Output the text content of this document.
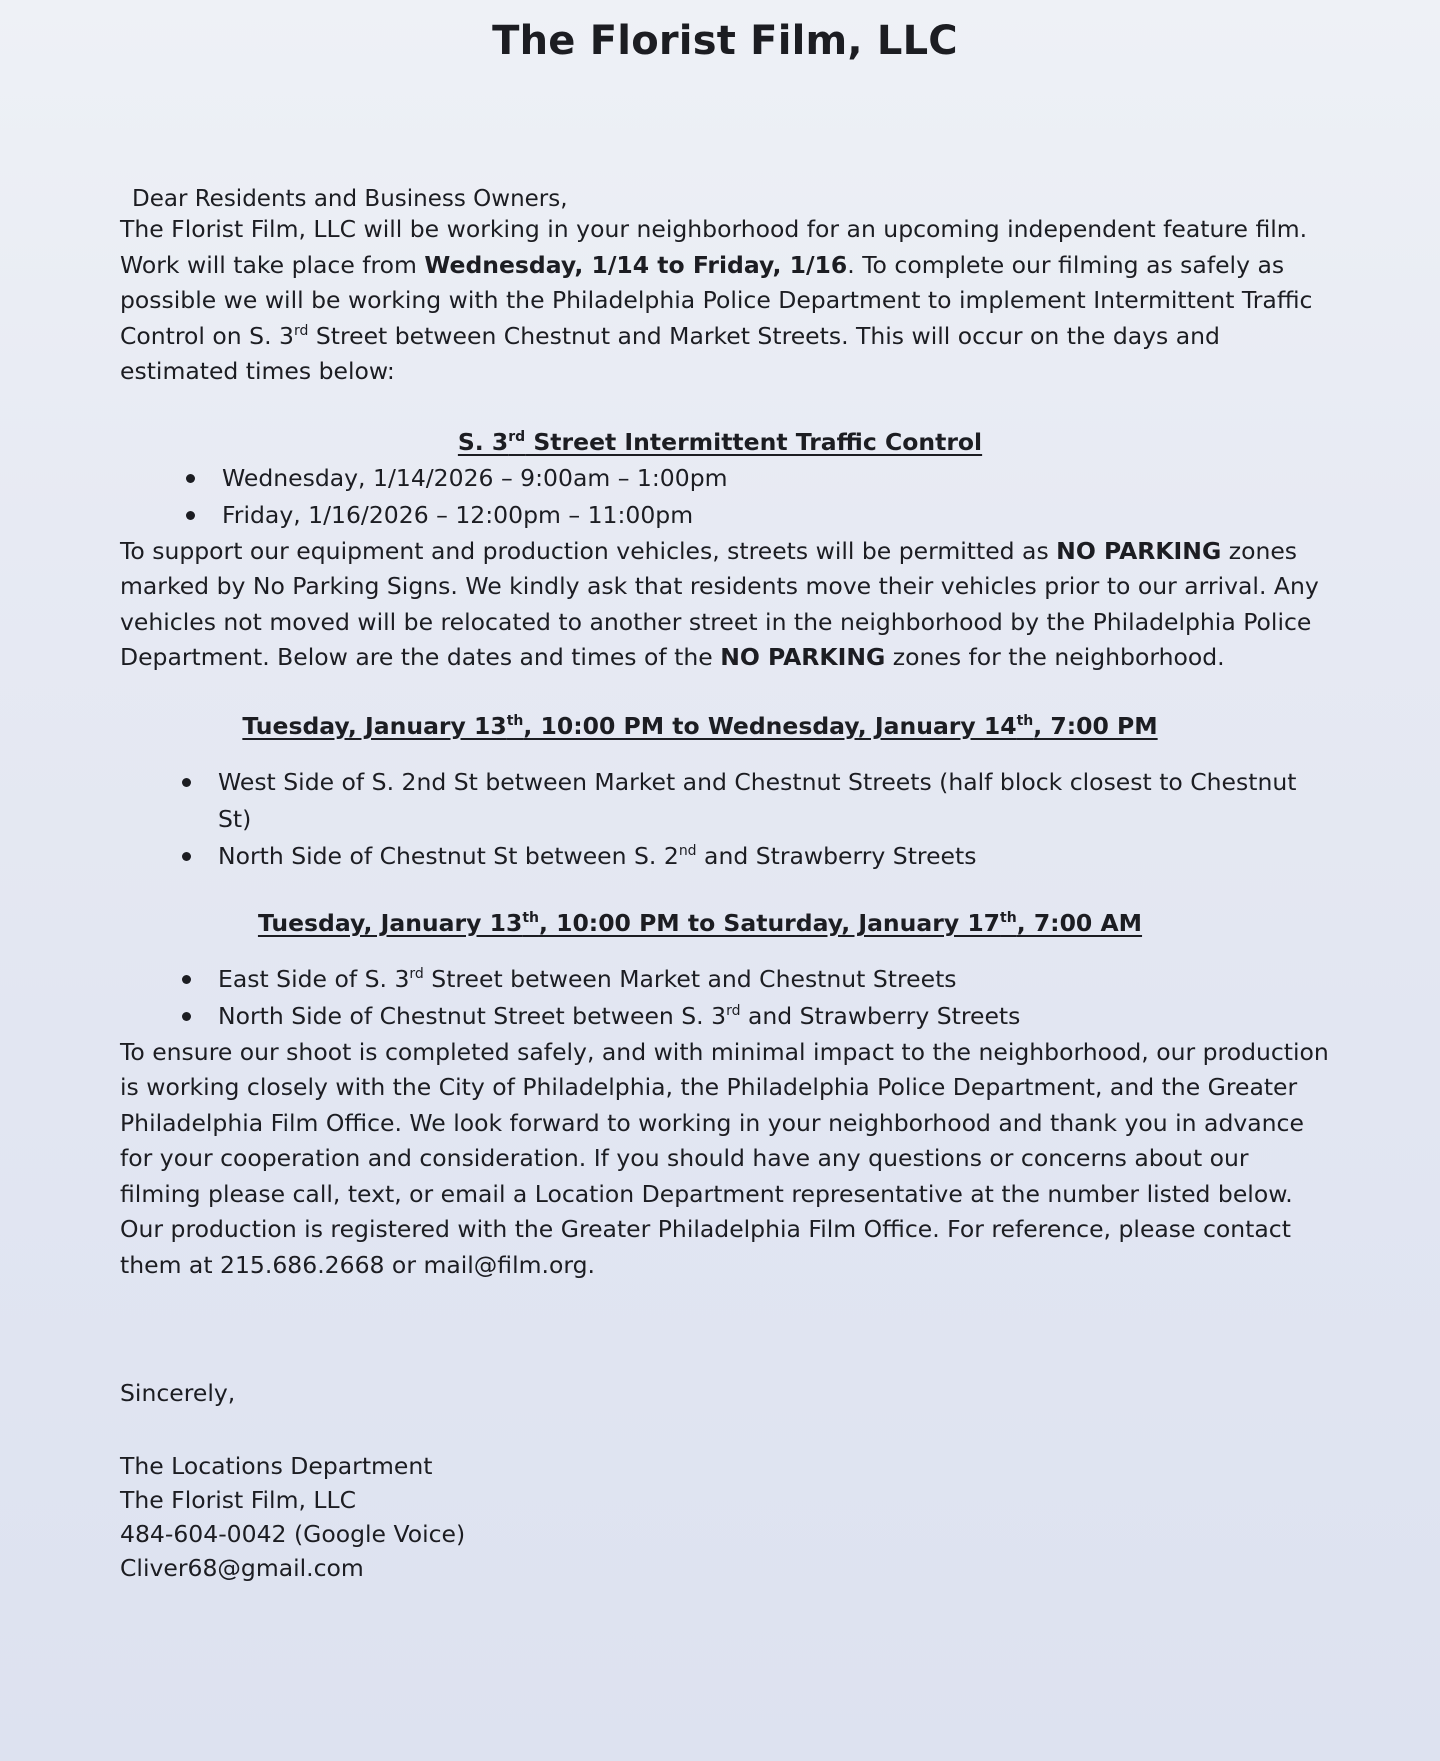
The Florist Film, LLC
Dear Residents and Business Owners,

The Florist Film, LLC will be working in your neighborhood for an upcoming independent feature film. Work will take place from Wednesday, 1/14 to Friday, 1/16. To complete our filming as safely as possible we will be working with the Philadelphia Police Department to implement Intermittent Traffic Control on S. 3rd Street between Chestnut and Market Streets. This will occur on the days and estimated times below:

S. 3rd Street Intermittent Traffic Control
Wednesday, 1/14/2026 – 9:00am – 1:00pm
Friday, 1/16/2026 – 12:00pm – 11:00pm

To support our equipment and production vehicles, streets will be permitted as NO PARKING zones marked by No Parking Signs. We kindly ask that residents move their vehicles prior to our arrival. Any vehicles not moved will be relocated to another street in the neighborhood by the Philadelphia Police Department. Below are the dates and times of the NO PARKING zones for the neighborhood.

Tuesday, January 13th, 10:00 PM to Wednesday, January 14th, 7:00 PM
West Side of S. 2nd St between Market and Chestnut Streets (half block closest to Chestnut St)
North Side of Chestnut St between S. 2nd and Strawberry Streets
Tuesday, January 13th, 10:00 PM to Saturday, January 17th, 7:00 AM
East Side of S. 3rd Street between Market and Chestnut Streets
North Side of Chestnut Street between S. 3rd and Strawberry Streets

To ensure our shoot is completed safely, and with minimal impact to the neighborhood, our production is working closely with the City of Philadelphia, the Philadelphia Police Department, and the Greater Philadelphia Film Office. We look forward to working in your neighborhood and thank you in advance for your cooperation and consideration. If you should have any questions or concerns about our filming please call, text, or email a Location Department representative at the number listed below. Our production is registered with the Greater Philadelphia Film Office. For reference, please contact them at 215.686.2668 or mail@film.org.

Sincerely,
The Locations Department
The Florist Film, LLC
484-604-0042 (Google Voice)
Cliver68@gmail.com
